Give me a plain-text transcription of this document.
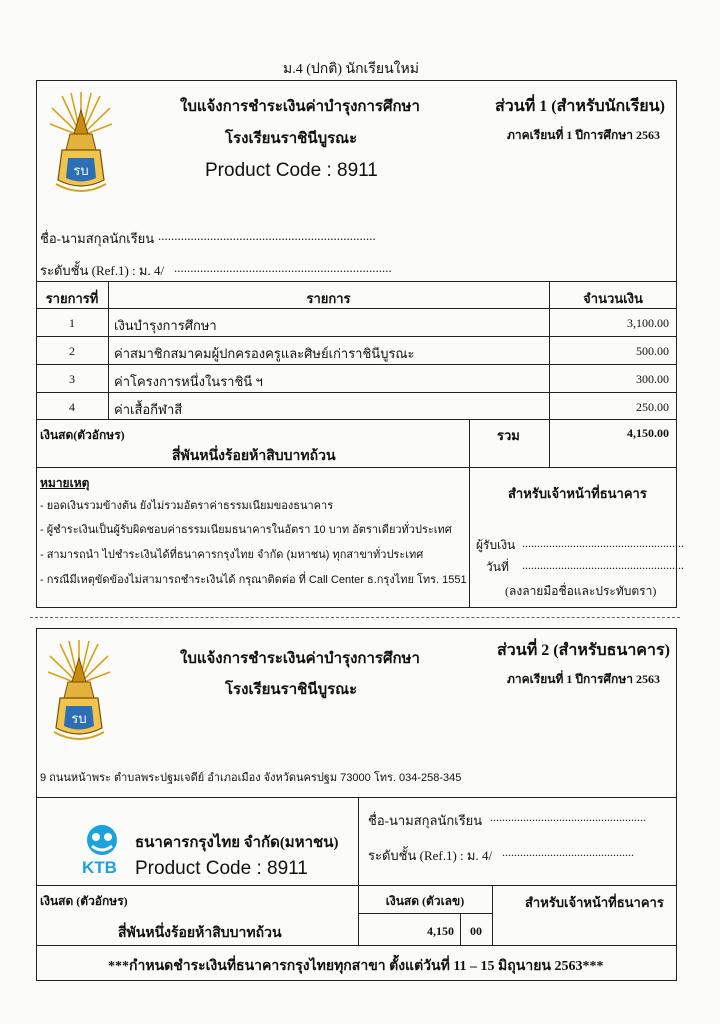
ม.4 (ปกติ) นักเรียนใหม่
รบ
ใบแจ้งการชำระเงินค่าบำรุงการศึกษา
โรงเรียนราชินีบูรณะ
Product Code : 8911
ส่วนที่ 1 (สำหรับนักเรียน)
ภาคเรียนที่ 1 ปีการศึกษา 2563
ชื่อ-นามสกุลนักเรียน ...................................................................
ระดับชั้น (Ref.1) : ม. 4/ ...................................................................
รายการที่	รายการ	จำนวนเงิน
1	เงินบำรุงการศึกษา	3,100.00
2	ค่าสมาชิกสมาคมผู้ปกครองครูและศิษย์เก่าราชินีบูรณะ	500.00
3	ค่าโครงการหนึ่งในราชินี ฯ	300.00
4	ค่าเสื้อกีฬาสี	250.00
เงินสด(ตัวอักษร)
สี่พันหนึ่งร้อยห้าสิบบาทถ้วน
รวม	4,150.00
หมายเหตุ
- ยอดเงินรวมข้างต้น ยังไม่รวมอัตราค่าธรรมเนียมของธนาคาร
- ผู้ชำระเงินเป็นผู้รับผิดชอบค่าธรรมเนียมธนาคารในอัตรา 10 บาท อัตราเดียวทั่วประเทศ
- สามารถนำ ไปชำระเงินได้ที่ธนาคารกรุงไทย จำกัด (มหาชน) ทุกสาขาทั่วประเทศ
- กรณีมีเหตุขัดข้องไม่สามารถชำระเงินได้ กรุณาติดต่อ ที่ Call Center ธ.กรุงไทย โทร. 1551
สำหรับเจ้าหน้าที่ธนาคาร
ผู้รับเงิน ......................................................
วันที่ ......................................................
(ลงลายมือชื่อและประทับตรา)
รบ
ใบแจ้งการชำระเงินค่าบำรุงการศึกษา
โรงเรียนราชินีบูรณะ
ส่วนที่ 2 (สำหรับธนาคาร)
ภาคเรียนที่ 1 ปีการศึกษา 2563
9 ถนนหน้าพระ ตำบลพระปฐมเจดีย์ อำเภอเมือง จังหวัดนครปฐม 73000 โทร. 034-258-345
KTB
ธนาคารกรุงไทย จำกัด(มหาชน)
Product Code : 8911
ชื่อ-นามสกุลนักเรียน ....................................................
ระดับชั้น (Ref.1) : ม. 4/ ............................................
เงินสด (ตัวอักษร)
สี่พันหนึ่งร้อยห้าสิบบาทถ้วน
เงินสด (ตัวเลข)
4,150	00
สำหรับเจ้าหน้าที่ธนาคาร
***กำหนดชำระเงินที่ธนาคารกรุงไทยทุกสาขา ตั้งแต่วันที่ 11 – 15 มิถุนายน 2563***
